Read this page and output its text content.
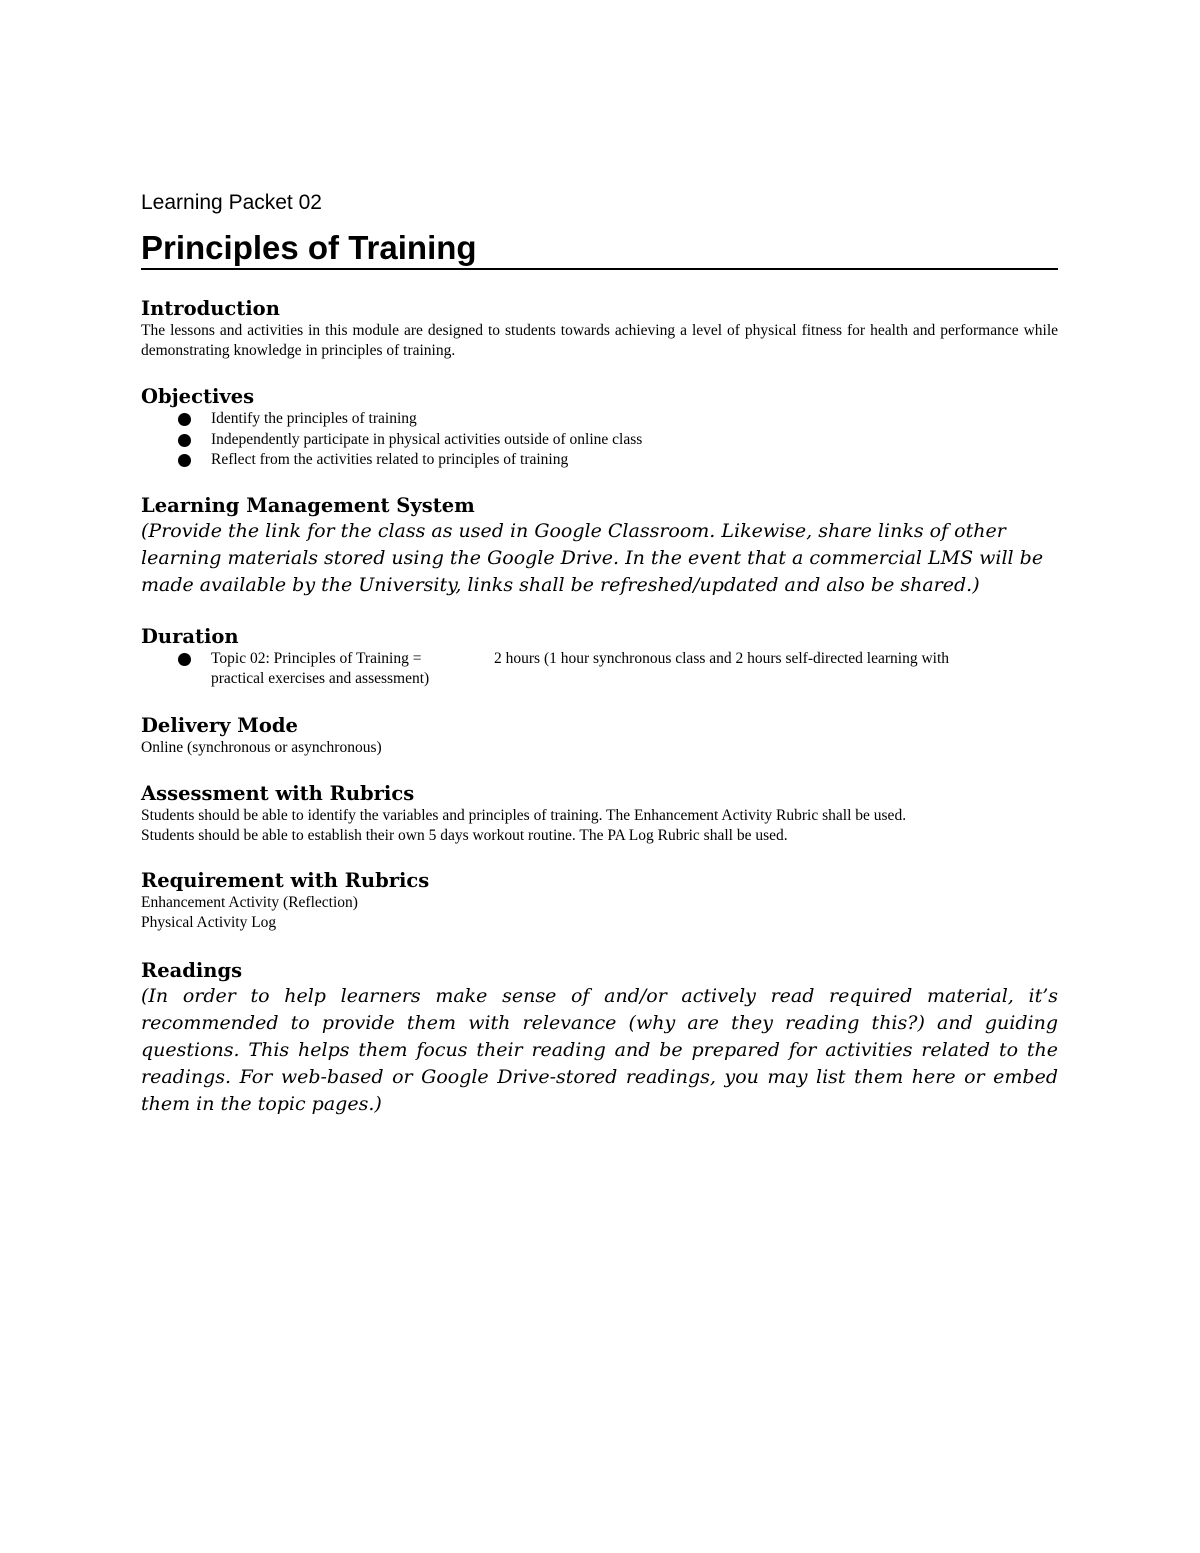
Learning Packet 02

Principles of Training
Introduction

The lessons and activities in this module are designed to students towards achieving a level of physical fitness for health and performance while demonstrating knowledge in principles of training.

Objectives
Identify the principles of training
Independently participate in physical activities outside of online class
Reflect from the activities related to principles of training
Learning Management System

(Provide the link for the class as used in Google Classroom. Likewise, share links of other learning materials stored using the Google Drive. In the event that a commercial LMS will be made available by the University, links shall be refreshed/updated and also be shared.)

Duration
Topic 02: Principles of Training =	2 hours (1 hour synchronous class and 2 hours self-directed learning with
practical exercises and assessment)
Delivery Mode

Online (synchronous or asynchronous)

Assessment with Rubrics

Students should be able to identify the variables and principles of training. The Enhancement Activity Rubric shall be used.

Students should be able to establish their own 5 days workout routine. The PA Log Rubric shall be used.

Requirement with Rubrics

Enhancement Activity (Reflection)

Physical Activity Log

Readings

(In order to help learners make sense of and/or actively read required material, it’s recommended to provide them with relevance (why are they reading this?) and guiding questions. This helps them focus their reading and be prepared for activities related to the readings. For web-based or Google Drive-stored readings, you may list them here or embed them in the topic pages.)
